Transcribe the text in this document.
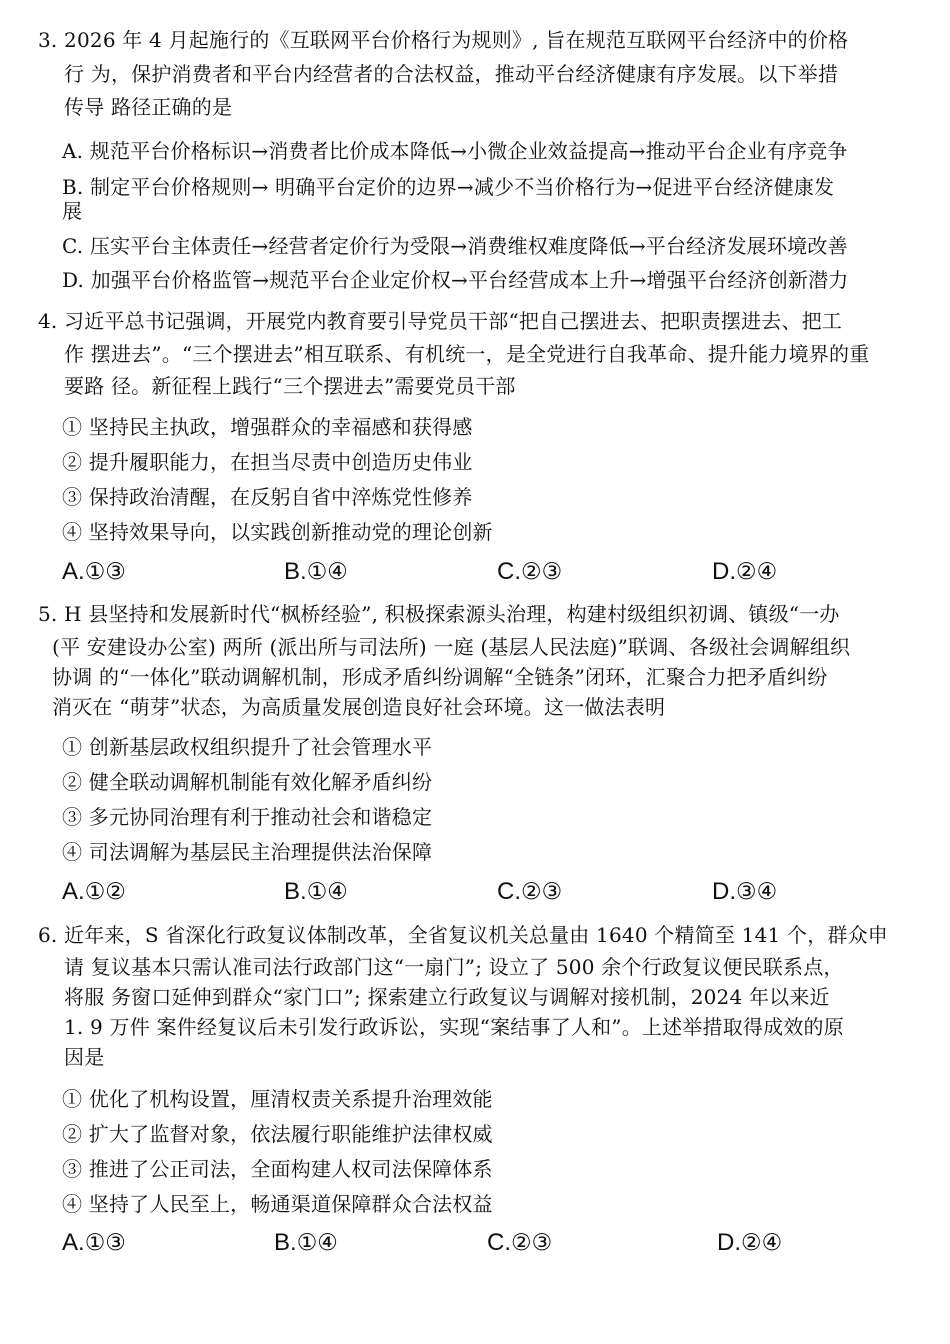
3. 2026 年 4 月起施行的《互联网平台价格行为规则》, 旨在规范互联网平台经济中的价格
行 为，保护消费者和平台内经营者的合法权益，推动平台经济健康有序发展。以下举措
传导 路径正确的是
A. 规范平台价格标识→消费者比价成本降低→小微企业效益提高→推动平台企业有序竞争
B. 制定平台价格规则→ 明确平台定价的边界→减少不当价格行为→促进平台经济健康发
展
C. 压实平台主体责任→经营者定价行为受限→消费维权难度降低→平台经济发展环境改善
D. 加强平台价格监管→规范平台企业定价权→平台经营成本上升→增强平台经济创新潜力
4. 习近平总书记强调，开展党内教育要引导党员干部“把自己摆进去、把职责摆进去、把工
作 摆进去”。“三个摆进去”相互联系、有机统一，是全党进行自我革命、提升能力境界的重
要路 径。新征程上践行“三个摆进去”需要党员干部
① 坚持民主执政，增强群众的幸福感和获得感
② 提升履职能力，在担当尽责中创造历史伟业
③ 保持政治清醒，在反躬自省中淬炼党性修养
④ 坚持效果导向，以实践创新推动党的理论创新
A.①③	B.①④	C.②③	D.②④
5. H 县坚持和发展新时代“枫桥经验”, 积极探索源头治理，构建村级组织初调、镇级“一办
(平 安建设办公室) 两所 (派出所与司法所) 一庭 (基层人民法庭)”联调、各级社会调解组织
协调 的“一体化”联动调解机制，形成矛盾纠纷调解“全链条”闭环，汇聚合力把矛盾纠纷
消灭在 “萌芽”状态，为高质量发展创造良好社会环境。这一做法表明
① 创新基层政权组织提升了社会管理水平
② 健全联动调解机制能有效化解矛盾纠纷
③ 多元协同治理有利于推动社会和谐稳定
④ 司法调解为基层民主治理提供法治保障
A.①②	B.①④	C.②③	D.③④
6. 近年来，S 省深化行政复议体制改革，全省复议机关总量由 1640 个精简至 141 个，群众申
请 复议基本只需认准司法行政部门这“一扇门”; 设立了 500 余个行政复议便民联系点，
将服 务窗口延伸到群众“家门口”; 探索建立行政复议与调解对接机制，2024 年以来近
1. 9 万件 案件经复议后未引发行政诉讼，实现“案结事了人和”。上述举措取得成效的原
因是
① 优化了机构设置，厘清权责关系提升治理效能
② 扩大了监督对象，依法履行职能维护法律权威
③ 推进了公正司法，全面构建人权司法保障体系
④ 坚持了人民至上，畅通渠道保障群众合法权益
A.①③	B.①④	C.②③	D.②④
